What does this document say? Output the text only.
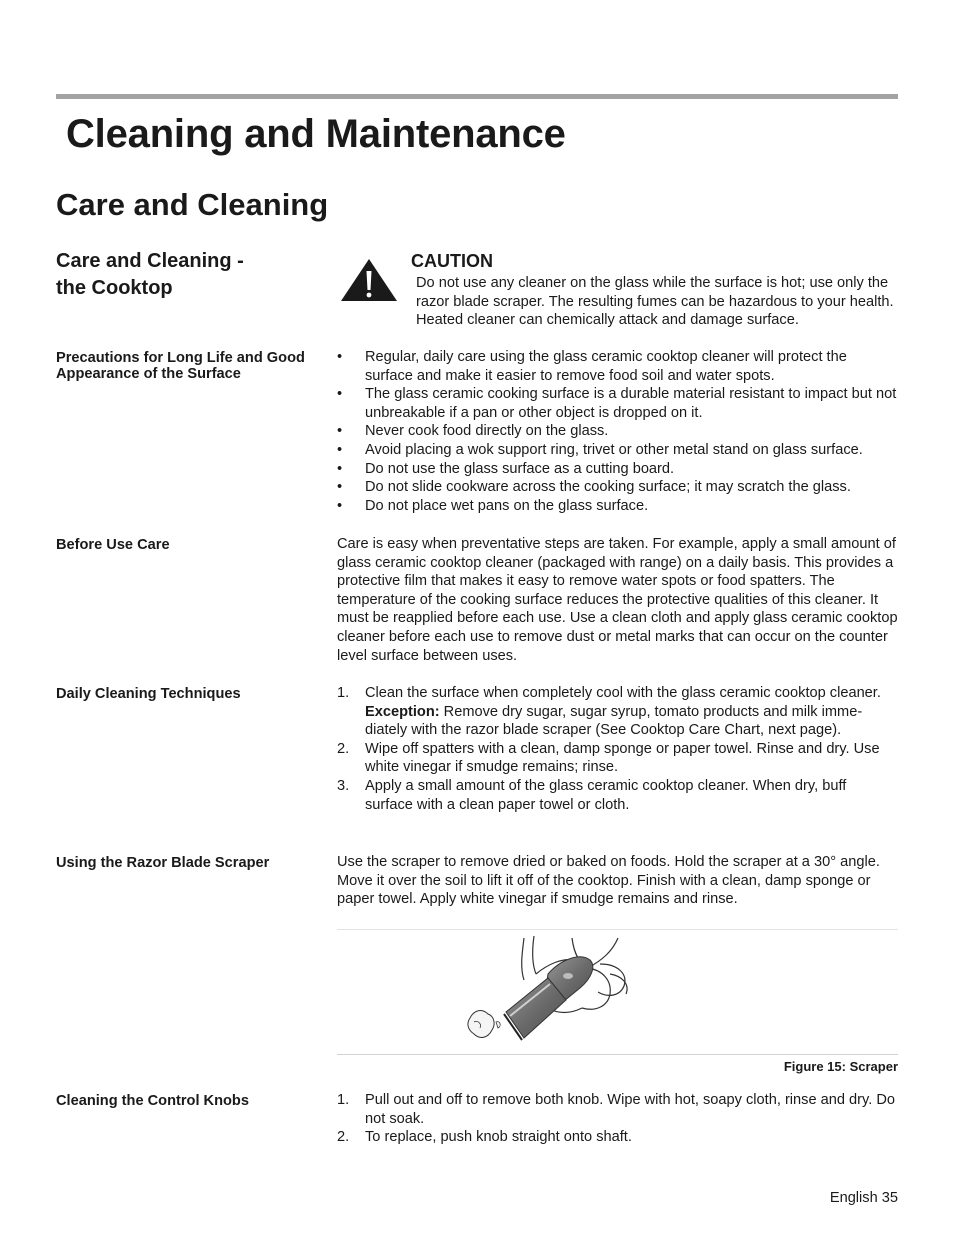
Cleaning and Maintenance
Care and Cleaning
Care and Cleaning -
the Cooktop
CAUTION
Do not use any cleaner on the glass while the surface is hot; use only the razor blade scraper. The resulting fumes can be hazardous to your health. Heated cleaner can chemically attack and damage surface.
Precautions for Long Life and Good Appearance of the Surface
• Regular, daily care using the glass ceramic cooktop cleaner will protect the surface and make it easier to remove food soil and water spots.
• The glass ceramic cooking surface is a durable material resistant to impact but not unbreakable if a pan or other object is dropped on it.
• Never cook food directly on the glass.
• Avoid placing a wok support ring, trivet or other metal stand on glass surface.
• Do not use the glass surface as a cutting board.
• Do not slide cookware across the cooking surface; it may scratch the glass.
• Do not place wet pans on the glass surface.
Before Use Care	Care is easy when preventative steps are taken. For example, apply a small amount of glass ceramic cooktop cleaner (packaged with range) on a daily basis. This provides a protective film that makes it easy to remove water spots or food spatters. The temperature of the cooking surface reduces the protective qualities of this cleaner. It must be reapplied before each use. Use a clean cloth and apply glass ceramic cooktop cleaner before each use to remove dust or metal marks that can occur on the counter level surface between uses.
Daily Cleaning Techniques	1. Clean the surface when completely cool with the glass ceramic cooktop cleaner.
Exception: Remove dry sugar, sugar syrup, tomato products and milk imme-diately with the razor blade scraper (See Cooktop Care Chart, next page).
2. Wipe off spatters with a clean, damp sponge or paper towel. Rinse and dry. Use white vinegar if smudge remains; rinse.
3. Apply a small amount of the glass ceramic cooktop cleaner. When dry, buff surface with a clean paper towel or cloth.
Using the Razor Blade Scraper	Use the scraper to remove dried or baked on foods. Hold the scraper at a 30° angle. Move it over the soil to lift it off of the cooktop. Finish with a clean, damp sponge or paper towel. Apply white vinegar if smudge remains and rinse.
Figure 15: Scraper
Cleaning the Control Knobs	1. Pull out and off to remove both knob. Wipe with hot, soapy cloth, rinse and dry. Do not soak.
2. To replace, push knob straight onto shaft.
English 35
